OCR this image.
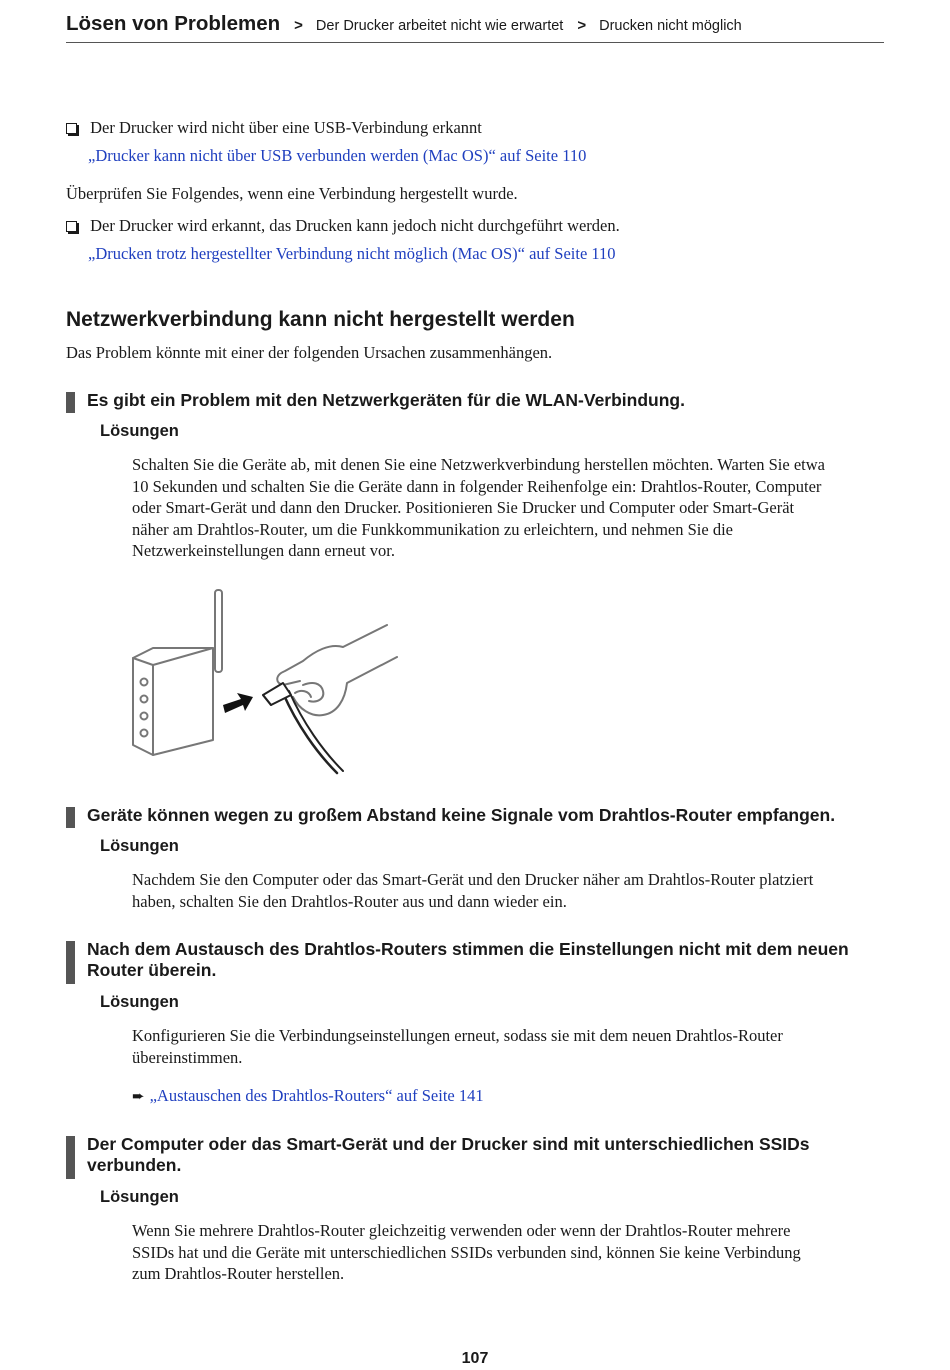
Lösen von Problemen > Der Drucker arbeitet nicht wie erwartet > Drucken nicht möglich
Der Drucker wird nicht über eine USB-Verbindung erkannt
„Drucker kann nicht über USB verbunden werden (Mac OS)“ auf Seite 110
Überprüfen Sie Folgendes, wenn eine Verbindung hergestellt wurde.
Der Drucker wird erkannt, das Drucken kann jedoch nicht durchgeführt werden.
„Drucken trotz hergestellter Verbindung nicht möglich (Mac OS)“ auf Seite 110
Netzwerkverbindung kann nicht hergestellt werden
Das Problem könnte mit einer der folgenden Ursachen zusammenhängen.
Es gibt ein Problem mit den Netzwerkgeräten für die WLAN-Verbindung.
Lösungen
Schalten Sie die Geräte ab, mit denen Sie eine Netzwerkverbindung herstellen möchten. Warten Sie etwa
10 Sekunden und schalten Sie die Geräte dann in folgender Reihenfolge ein: Drahtlos-Router, Computer
oder Smart-Gerät und dann den Drucker. Positionieren Sie Drucker und Computer oder Smart-Gerät
näher am Drahtlos-Router, um die Funkkommunikation zu erleichtern, und nehmen Sie die
Netzwerkeinstellungen dann erneut vor.
Geräte können wegen zu großem Abstand keine Signale vom Drahtlos-Router empfangen.
Lösungen
Nachdem Sie den Computer oder das Smart-Gerät und den Drucker näher am Drahtlos-Router platziert
haben, schalten Sie den Drahtlos-Router aus und dann wieder ein.
Nach dem Austausch des Drahtlos-Routers stimmen die Einstellungen nicht mit dem neuen
Router überein.
Lösungen
Konfigurieren Sie die Verbindungseinstellungen erneut, sodass sie mit dem neuen Drahtlos-Router
übereinstimmen.
➨ „Austauschen des Drahtlos-Routers“ auf Seite 141
Der Computer oder das Smart-Gerät und der Drucker sind mit unterschiedlichen SSIDs
verbunden.
Lösungen
Wenn Sie mehrere Drahtlos-Router gleichzeitig verwenden oder wenn der Drahtlos-Router mehrere
SSIDs hat und die Geräte mit unterschiedlichen SSIDs verbunden sind, können Sie keine Verbindung
zum Drahtlos-Router herstellen.
107
